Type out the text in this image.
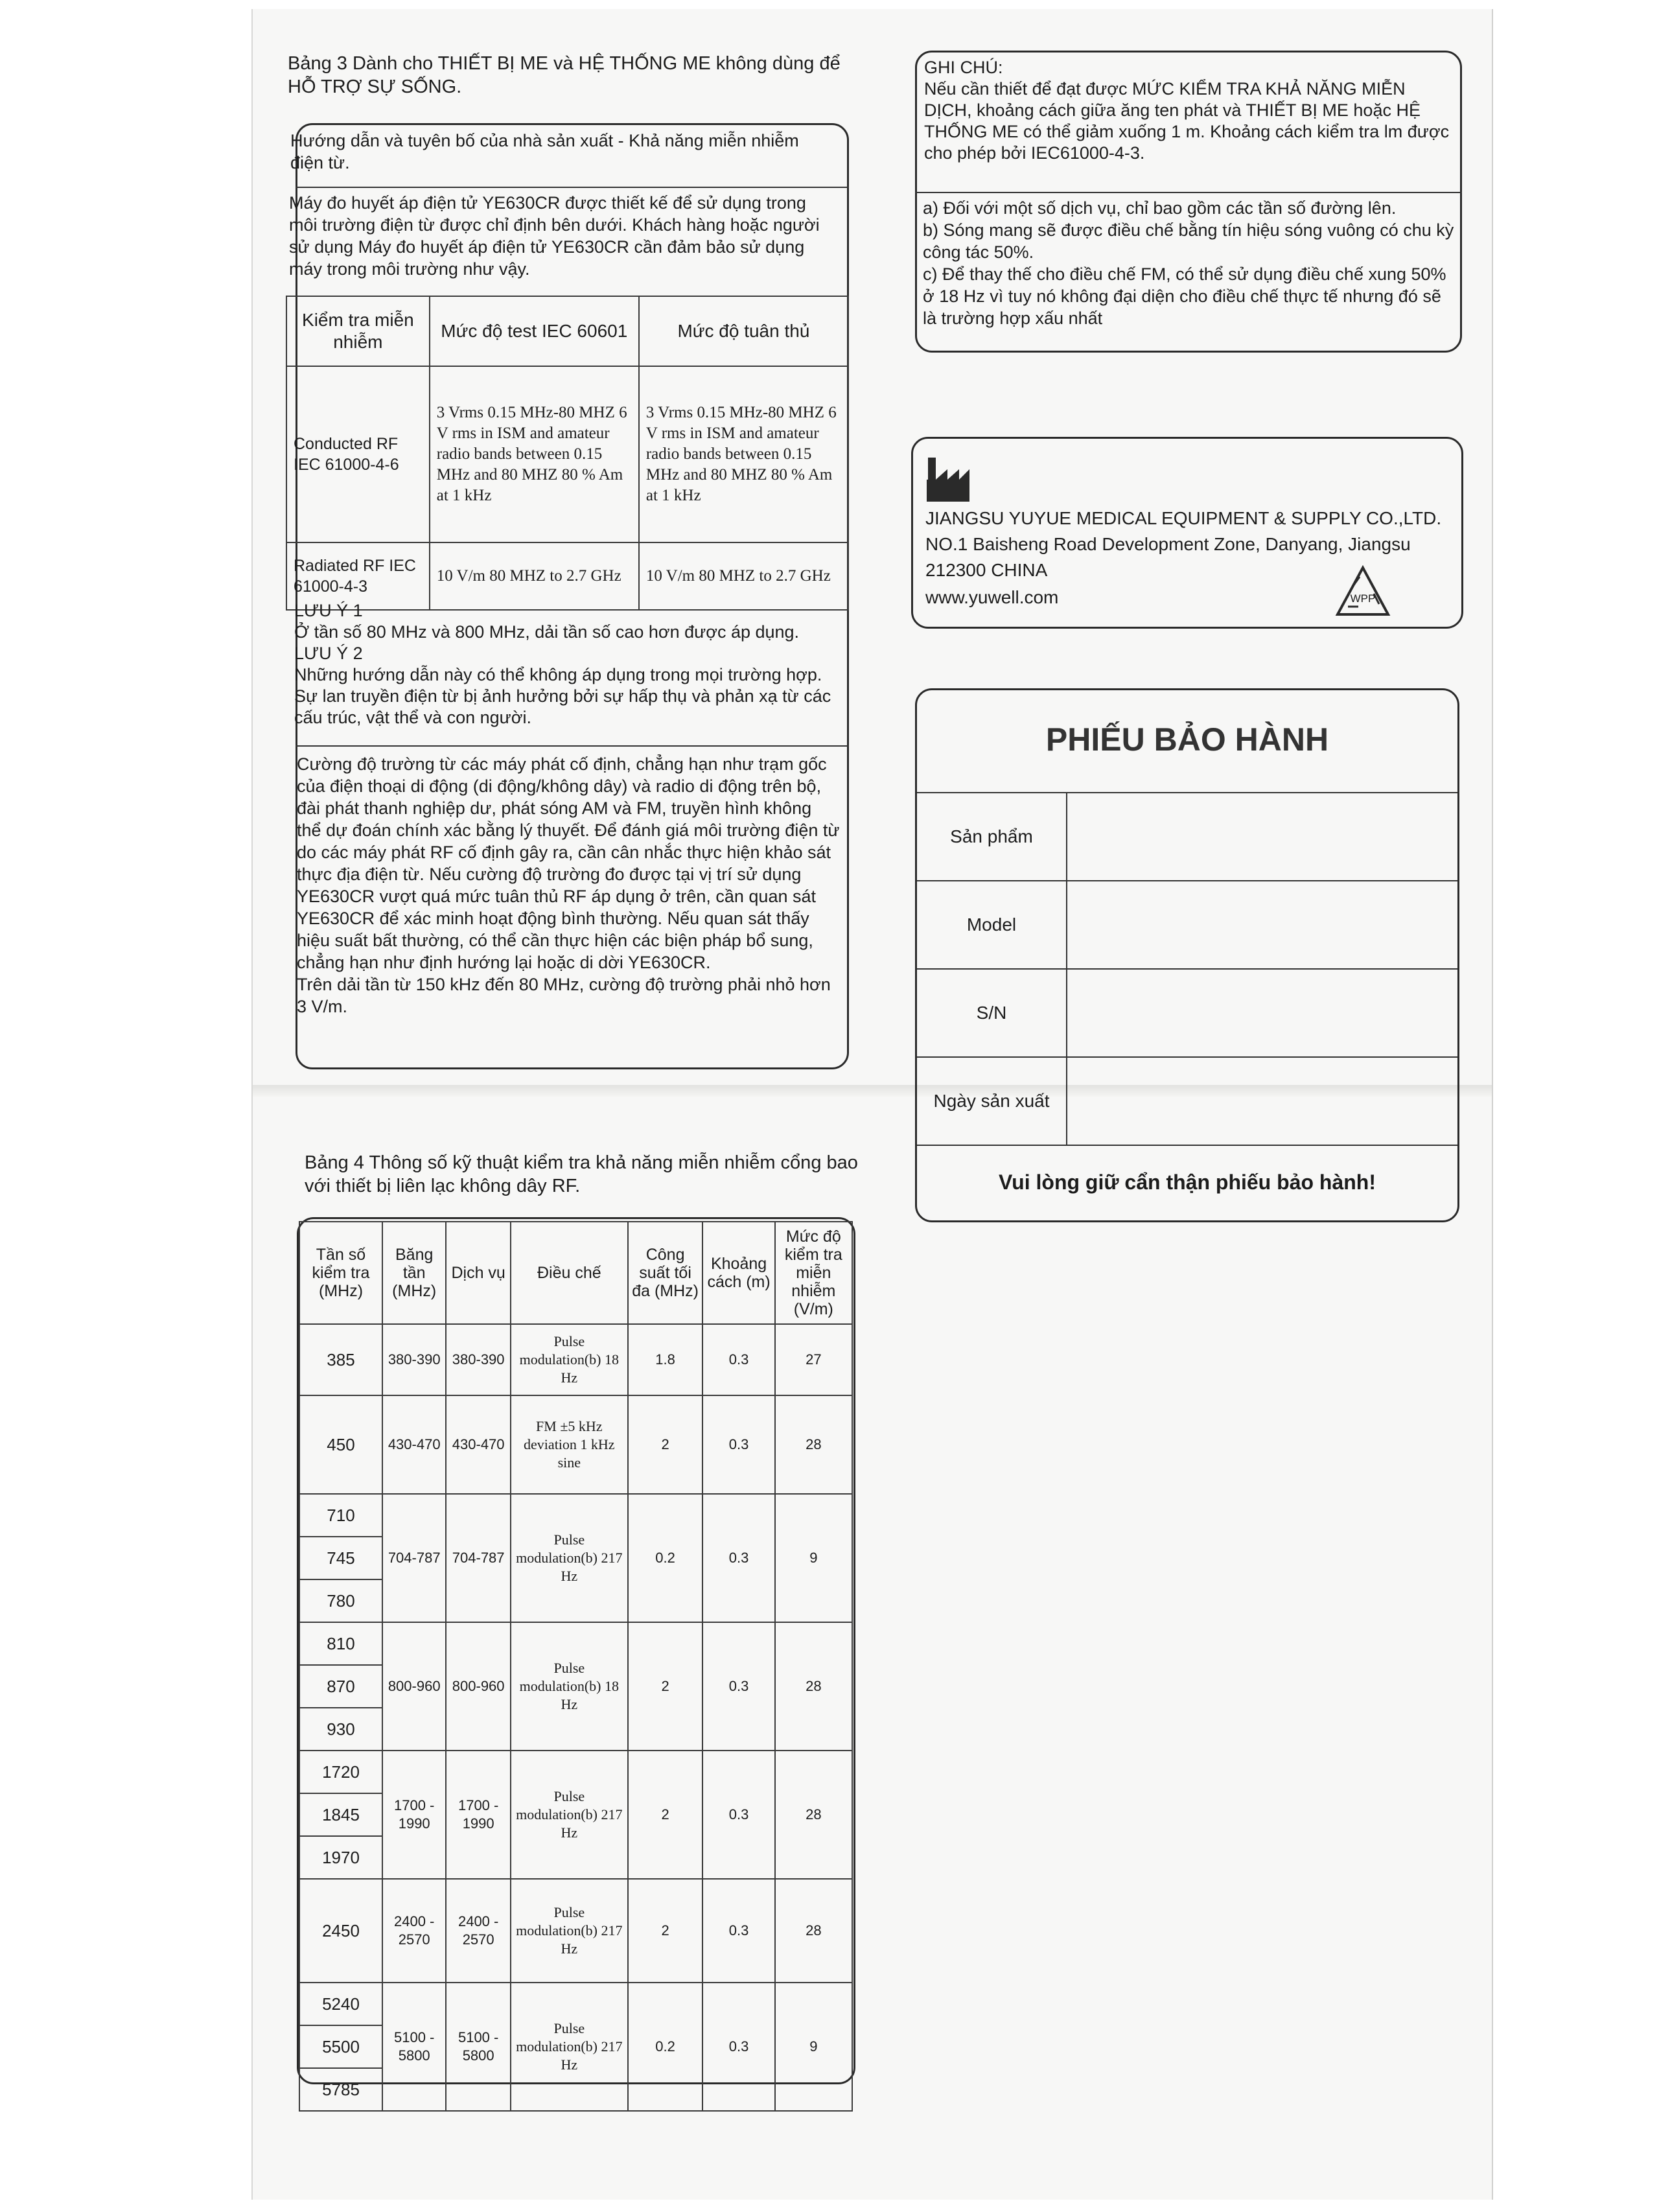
Bảng 3 Dành cho THIẾT BỊ ME và HỆ THỐNG ME không dùng để HỖ TRỢ SỰ SỐNG.
Hướng dẫn và tuyên bố của nhà sản xuất - Khả năng miễn nhiễm điện từ.
Máy đo huyết áp điện tử YE630CR được thiết kế để sử dụng trong môi trường điện từ được chỉ định bên dưới. Khách hàng hoặc người sử dụng Máy đo huyết áp điện tử YE630CR cần đảm bảo sử dụng máy trong môi trường như vậy.
Kiểm tra miễn nhiễm	Mức độ test IEC 60601	Mức độ tuân thủ
Conducted RF IEC 61000-4-6	3 Vrms 0.15 MHz-80 MHZ 6 V rms in ISM and amateur radio bands between 0.15 MHz and 80 MHZ 80 % Am at 1 kHz	3 Vrms 0.15 MHz-80 MHZ 6 V rms in ISM and amateur radio bands between 0.15 MHz and 80 MHZ 80 % Am at 1 kHz
Radiated RF IEC 61000-4-3	10 V/m 80 MHZ to 2.7 GHz	10 V/m 80 MHZ to 2.7 GHz
LƯU Ý 1
Ở tần số 80 MHz và 800 MHz, dải tần số cao hơn được áp dụng.
LƯU Ý 2
Những hướng dẫn này có thể không áp dụng trong mọi trường hợp. Sự lan truyền điện từ bị ảnh hưởng bởi sự hấp thụ và phản xạ từ các cấu trúc, vật thể và con người.
Cường độ trường từ các máy phát cố định, chẳng hạn như trạm gốc của điện thoại di động (di động/không dây) và radio di động trên bộ, đài phát thanh nghiệp dư, phát sóng AM và FM, truyền hình không thể dự đoán chính xác bằng lý thuyết. Để đánh giá môi trường điện từ do các máy phát RF cố định gây ra, cần cân nhắc thực hiện khảo sát thực địa điện từ. Nếu cường độ trường đo được tại vị trí sử dụng YE630CR vượt quá mức tuân thủ RF áp dụng ở trên, cần quan sát YE630CR để xác minh hoạt động bình thường. Nếu quan sát thấy hiệu suất bất thường, có thể cần thực hiện các biện pháp bổ sung, chẳng hạn như định hướng lại hoặc di dời YE630CR.
Trên dải tần từ 150 kHz đến 80 MHz, cường độ trường phải nhỏ hơn 3 V/m.
Bảng 4 Thông số kỹ thuật kiểm tra khả năng miễn nhiễm cổng bao với thiết bị liên lạc không dây RF.
Tần số kiểm tra (MHz)	Băng tần (MHz)	Dịch vụ	Điều chế	Công suất tối đa (MHz)	Khoảng cách (m)	Mức độ kiểm tra miễn nhiễm (V/m)
385	380-390	380-390	Pulse modulation(b) 18 Hz	1.8	0.3	27
450	430-470	430-470	FM ±5 kHz deviation 1 kHz sine	2	0.3	28
710	704-787	704-787	Pulse modulation(b) 217 Hz	0.2	0.3	9
745						
780						
810	800-960	800-960	Pulse modulation(b) 18 Hz	2	0.3	28
870						
930						
1720	1700 - 1990	1700 - 1990	Pulse modulation(b) 217 Hz	2	0.3	28
1845						
1970						
2450	2400 - 2570	2400 - 2570	Pulse modulation(b) 217 Hz	2	0.3	28
5240	5100 - 5800	5100 - 5800	Pulse modulation(b) 217 Hz	0.2	0.3	9
5500						
5785						
GHI CHÚ:
Nếu cần thiết để đạt được MỨC KIỂM TRA KHẢ NĂNG MIỄN DỊCH, khoảng cách giữa ăng ten phát và THIẾT BỊ ME hoặc HỆ THỐNG ME có thể giảm xuống 1 m. Khoảng cách kiểm tra lm được cho phép bởi IEC61000-4-3.
a) Đối với một số dịch vụ, chỉ bao gồm các tần số đường lên.
b) Sóng mang sẽ được điều chế bằng tín hiệu sóng vuông có chu kỳ công tác 50%.
c) Để thay thế cho điều chế FM, có thể sử dụng điều chế xung 50% ở 18 Hz vì tuy nó không đại diện cho điều chế thực tế nhưng đó sẽ là trường hợp xấu nhất
JIANGSU YUYUE MEDICAL EQUIPMENT & SUPPLY CO.,LTD.
NO.1 Baisheng Road Development Zone, Danyang, Jiangsu
212300 CHINA
www.yuwell.com	WPP
PHIẾU BẢO HÀNH
Sản phẩm	
Model	
S/N	
Ngày sản xuất	
Vui lòng giữ cẩn thận phiếu bảo hành!	
